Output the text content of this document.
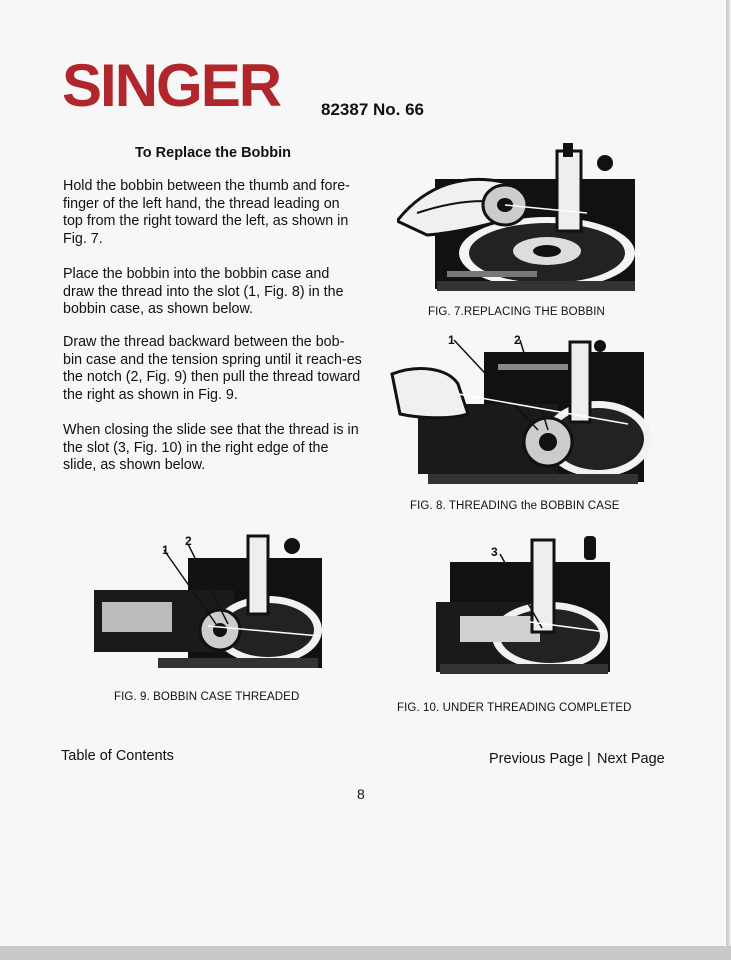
SINGER 82387 No. 66
To Replace the Bobbin

Hold the bobbin between the thumb and fore-finger of the left hand, the thread leading on top from the right toward the left, as shown in Fig. 7.

Place the bobbin into the bobbin case and draw the thread into the slot (1, Fig. 8) in the bobbin case, as shown below.

Draw the thread backward between the bob-bin case and the tension spring until it reach-es the notch (2, Fig. 9) then pull the thread toward the right as shown in Fig. 9.

When closing the slide see that the thread is in the slot (3, Fig. 10) in the right edge of the slide, as shown below.

FIG. 7.REPLACING THE BOBBIN
1	2
FIG. 8. THREADING the BOBBIN CASE
1
2
FIG. 9. BOBBIN CASE THREADED
3
FIG. 10. UNDER THREADING COMPLETED
Table of Contents	Previous Page | Next Page
8
